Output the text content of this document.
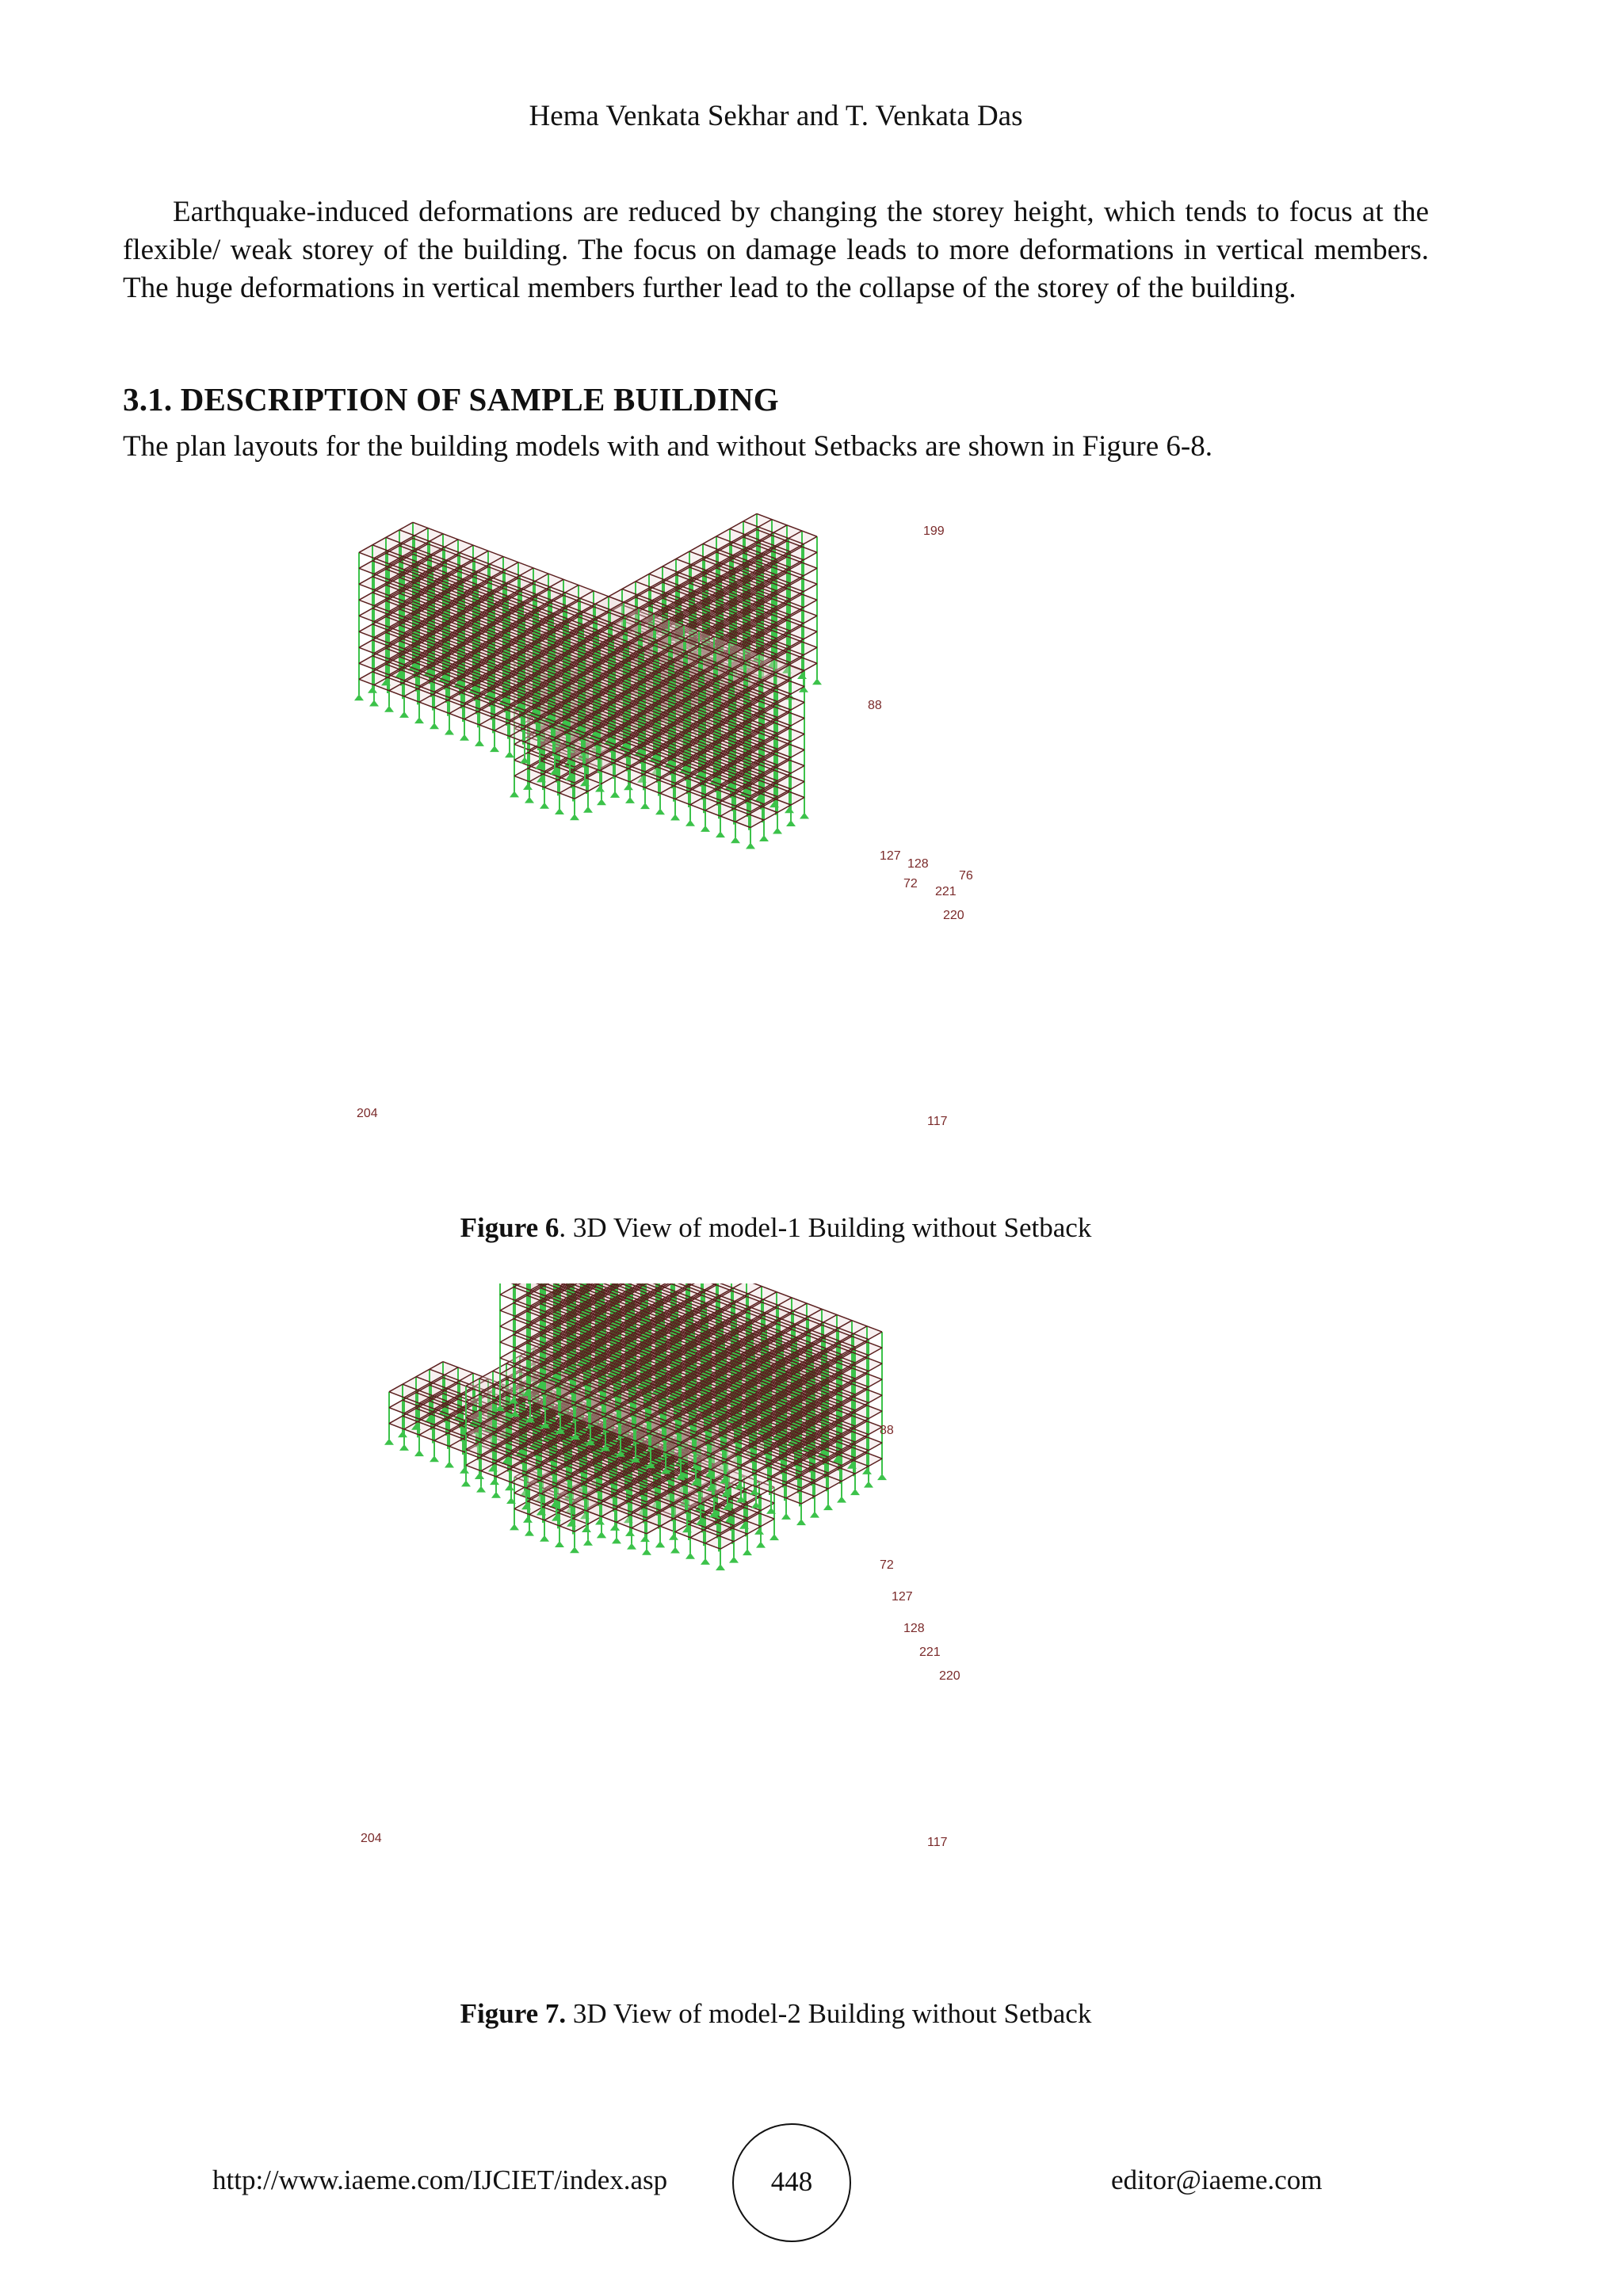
Hema Venkata Sekhar and T. Venkata Das

Earthquake-induced deformations are reduced by changing the storey height, which tends to focus at the flexible/ weak storey of the building. The focus on damage leads to more deformations in vertical members. The huge deformations in vertical members further lead to the collapse of the storey of the building.

3.1. DESCRIPTION OF SAMPLE BUILDING

The plan layouts for the building models with and without Setbacks are shown in Figure 6-8.

221
220
128
76
72
127
117
204
88
199
Figure 6. 3D View of model-1 Building without Setback
221
220
128
127
72
117
204
88
Figure 7. 3D View of model-2 Building without Setback
http://www.iaeme.com/IJCIET/index.asp	448	editor@iaeme.com
